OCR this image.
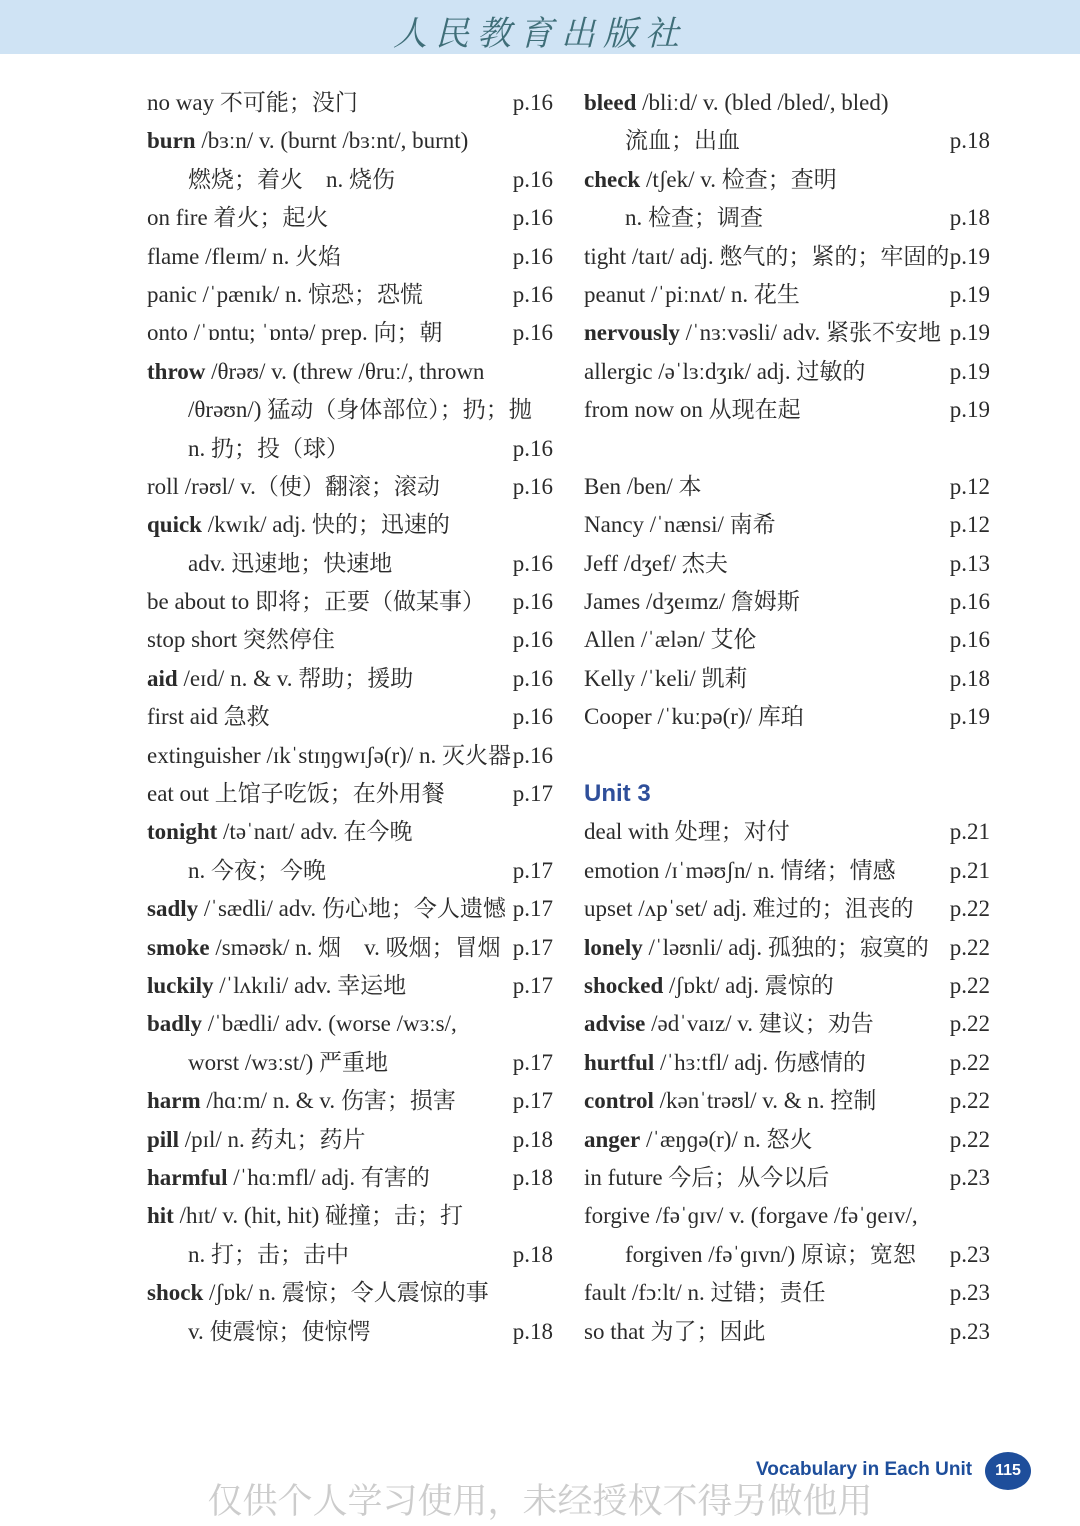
人民教育出版社
no way 不可能；没门	p.16
burn /bɜːn/ v. (burnt /bɜːnt/, burnt)
燃烧；着火　n. 烧伤	p.16
on fire 着火；起火	p.16
flame /fleɪm/ n. 火焰	p.16
panic /ˈpænɪk/ n. 惊恐；恐慌	p.16
onto /ˈɒntu; ˈɒntə/ prep. 向；朝	p.16
throw /θrəʊ/ v. (threw /θruː/, thrown
/θrəʊn/) 猛动（身体部位）；扔；抛
n. 扔；投（球）	p.16
roll /rəʊl/ v.（使）翻滚；滚动	p.16
quick /kwɪk/ adj. 快的；迅速的
adv. 迅速地；快速地	p.16
be about to 即将；正要（做某事） p.16
stop short 突然停住	p.16
aid /eɪd/ n. & v. 帮助；援助	p.16
first aid 急救	p.16
extinguisher /ɪkˈstɪŋɡwɪʃə(r)/ n. 灭火器 p.16
eat out 上馆子吃饭；在外用餐	p.17
tonight /təˈnaɪt/ adv. 在今晚
n. 今夜；今晚	p.17
sadly /ˈsædli/ adv. 伤心地；令人遗憾 p.17
smoke /sməʊk/ n. 烟　v. 吸烟；冒烟 p.17
luckily /ˈlʌkɪli/ adv. 幸运地	p.17
badly /ˈbædli/ adv. (worse /wɜːs/,
worst /wɜːst/) 严重地	p.17
harm /hɑːm/ n. & v. 伤害；损害 p.17
pill /pɪl/ n. 药丸；药片	p.18
harmful /ˈhɑːmfl/ adj. 有害的	p.18
hit /hɪt/ v. (hit, hit) 碰撞；击；打
n. 打；击；击中	p.18
shock /ʃɒk/ n. 震惊；令人震惊的事
v. 使震惊；使惊愕	p.18
bleed /bliːd/ v. (bled /bled/, bled)
流血；出血	p.18
check /tʃek/ v. 检查；查明
n. 检查；调查	p.18
tight /taɪt/ adj. 憋气的；紧的；牢固的 p.19
peanut /ˈpiːnʌt/ n. 花生	p.19
nervously /ˈnɜːvəsli/ adv. 紧张不安地 p.19
allergic /əˈlɜːdʒɪk/ adj. 过敏的	p.19
from now on 从现在起	p.19
Ben /ben/ 本	p.12
Nancy /ˈnænsi/ 南希	p.12
Jeff /dʒef/ 杰夫	p.13
James /dʒeɪmz/ 詹姆斯	p.16
Allen /ˈælən/ 艾伦	p.16
Kelly /ˈkeli/ 凯莉	p.18
Cooper /ˈkuːpə(r)/ 库珀	p.19
Unit 3
deal with 处理；对付	p.21
emotion /ɪˈməʊʃn/ n. 情绪；情感 p.21
upset /ʌpˈset/ adj. 难过的；沮丧的 p.22
lonely /ˈləʊnli/ adj. 孤独的；寂寞的 p.22
shocked /ʃɒkt/ adj. 震惊的	p.22
advise /ədˈvaɪz/ v. 建议；劝告	p.22
hurtful /ˈhɜːtfl/ adj. 伤感情的	p.22
control /kənˈtrəʊl/ v. & n. 控制	p.22
anger /ˈæŋɡə(r)/ n. 怒火	p.22
in future 今后；从今以后	p.23
forgive /fəˈɡɪv/ v. (forgave /fəˈɡeɪv/,
forgiven /fəˈɡɪvn/) 原谅；宽恕 p.23
fault /fɔːlt/ n. 过错；责任	p.23
so that 为了；因此	p.23
Vocabulary in Each Unit	115
仅供个人学习使用，未经授权不得另做他用
